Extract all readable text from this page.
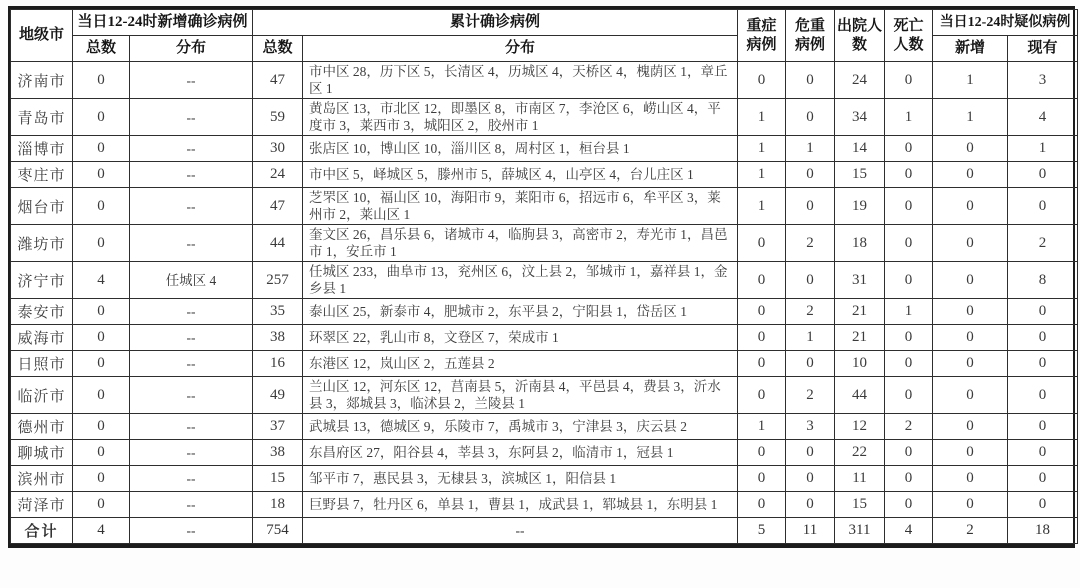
地级市	当日12-24时新增确诊病例		累计确诊病例		重症病例	危重病例	出院人数	死亡人数	当日12-24时疑似病例	
	总数	分布	总数	分布					新增	现有
济南市	0	--	47	市中区 28，历下区 5，长清区 4，历城区 4，天桥区 4，槐荫区 1，章丘区 1	0	0	24	0	1	3
青岛市	0	--	59	黄岛区 13，市北区 12，即墨区 8，市南区 7，李沧区 6，崂山区 4，平度市 3，莱西市 3，城阳区 2，胶州市 1	1	0	34	1	1	4
淄博市	0	--	30	张店区 10，博山区 10，淄川区 8，周村区 1，桓台县 1	1	1	14	0	0	1
枣庄市	0	--	24	市中区 5，峄城区 5，滕州市 5，薛城区 4，山亭区 4，台儿庄区 1	1	0	15	0	0	0
烟台市	0	--	47	芝罘区 10，福山区 10，海阳市 9，莱阳市 6，招远市 6，牟平区 3，莱州市 2，莱山区 1	1	0	19	0	0	0
潍坊市	0	--	44	奎文区 26，昌乐县 6，诸城市 4，临朐县 3，高密市 2，寿光市 1，昌邑市 1，安丘市 1	0	2	18	0	0	2
济宁市	4	任城区 4	257	任城区 233，曲阜市 13，兖州区 6，汶上县 2，邹城市 1，嘉祥县 1，金乡县 1	0	0	31	0	0	8
泰安市	0	--	35	泰山区 25，新泰市 4，肥城市 2，东平县 2，宁阳县 1，岱岳区 1	0	2	21	1	0	0
威海市	0	--	38	环翠区 22，乳山市 8，文登区 7，荣成市 1	0	1	21	0	0	0
日照市	0	--	16	东港区 12，岚山区 2，五莲县 2	0	0	10	0	0	0
临沂市	0	--	49	兰山区 12，河东区 12，莒南县 5，沂南县 4，平邑县 4，费县 3，沂水县 3，郯城县 3，临沭县 2，兰陵县 1	0	2	44	0	0	0
德州市	0	--	37	武城县 13，德城区 9，乐陵市 7，禹城市 3，宁津县 3，庆云县 2	1	3	12	2	0	0
聊城市	0	--	38	东昌府区 27，阳谷县 4，莘县 3，东阿县 2，临清市 1，冠县 1	0	0	22	0	0	0
滨州市	0	--	15	邹平市 7，惠民县 3，无棣县 3，滨城区 1，阳信县 1	0	0	11	0	0	0
菏泽市	0	--	18	巨野县 7，牡丹区 6，单县 1，曹县 1，成武县 1，郓城县 1，东明县 1	0	0	15	0	0	0
合计	4	--	754	--	5	11	311	4	2	18
